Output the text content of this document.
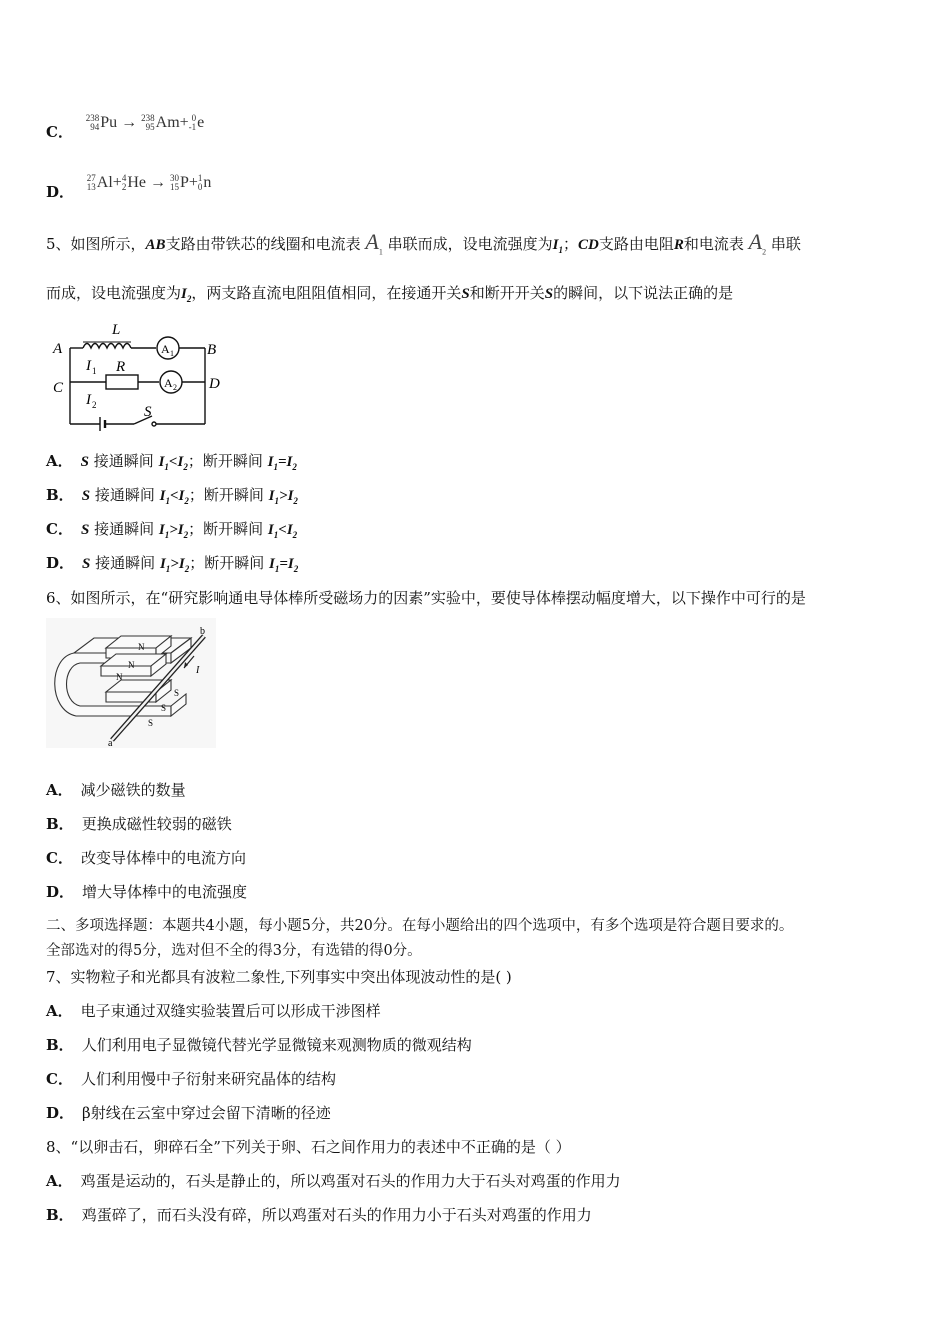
C．
238
94 Pu → 238
95 Am+ 0
-1 e
D．
27
13 Al+ 4
2 He → 30
15 P+ 1
0 n
5、如图所示，AB支路由带铁芯的线圈和电流表 $A_1$ 串联而成，设电流强度为$I_1$；CD支路由电阻R和电流表 $A_2$ 串联
而成，设电流强度为$I_2$，两支路直流电阻阻值相同，在接通开关S和断开开关S的瞬间，以下说法正确的是
A	B
C	D
L
R
S
I 1
I 2
A 1
A 2
A． S 接通瞬间 $I_1<I_2$；断开瞬间 $I_1=I_2$
B． S 接通瞬间 $I_1<I_2$；断开瞬间 $I_1>I_2$
C． S 接通瞬间 $I_1>I_2$；断开瞬间 $I_1<I_2$
D． S 接通瞬间 $I_1>I_2$；断开瞬间 $I_1=I_2$
6、如图所示，在“研究影响通电导体棒所受磁场力的因素”实验中，要使导体棒摆动幅度增大，以下操作中可行的是
N
N
N
S
S
S
b
a
I
A． 减少磁铁的数量
B． 更换成磁性较弱的磁铁
C． 改变导体棒中的电流方向
D． 增大导体棒中的电流强度
二、多项选择题：本题共4小题，每小题5分，共20分。在每小题给出的四个选项中，有多个选项是符合题目要求的。
全部选对的得5分，选对但不全的得3分，有选错的得0分。
7、实物粒子和光都具有波粒二象性,下列事实中突出体现波动性的是( )
A． 电子束通过双缝实验装置后可以形成干涉图样
B． 人们利用电子显微镜代替光学显微镜来观测物质的微观结构
C． 人们利用慢中子衍射来研究晶体的结构
D． β射线在云室中穿过会留下清晰的径迹
8、“以卵击石，卵碎石全”下列关于卵、石之间作用力的表述中不正确的是（ ）
A． 鸡蛋是运动的，石头是静止的，所以鸡蛋对石头的作用力大于石头对鸡蛋的作用力
B． 鸡蛋碎了，而石头没有碎，所以鸡蛋对石头的作用力小于石头对鸡蛋的作用力
